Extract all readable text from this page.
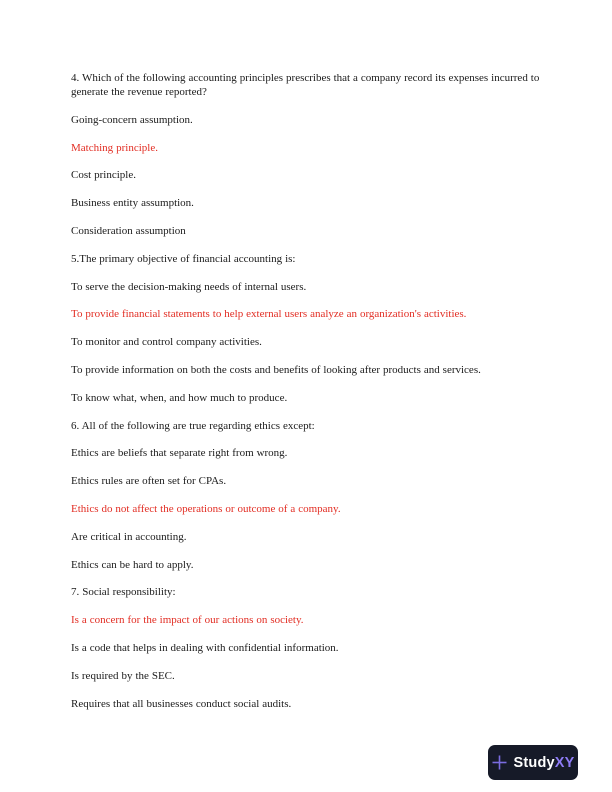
4. Which of the following accounting principles prescribes that a company record its expenses incurred to generate the revenue reported?

Going-concern assumption.

Matching principle.

Cost principle.

Business entity assumption.

Consideration assumption

5.The primary objective of financial accounting is:

To serve the decision-making needs of internal users.

To provide financial statements to help external users analyze an organization's activities.

To monitor and control company activities.

To provide information on both the costs and benefits of looking after products and services.

To know what, when, and how much to produce.

6. All of the following are true regarding ethics except:

Ethics are beliefs that separate right from wrong.

Ethics rules are often set for CPAs.

Ethics do not affect the operations or outcome of a company.

Are critical in accounting.

Ethics can be hard to apply.

7. Social responsibility:

Is a concern for the impact of our actions on society.

Is a code that helps in dealing with confidential information.

Is required by the SEC.

Requires that all businesses conduct social audits.

StudyXY
